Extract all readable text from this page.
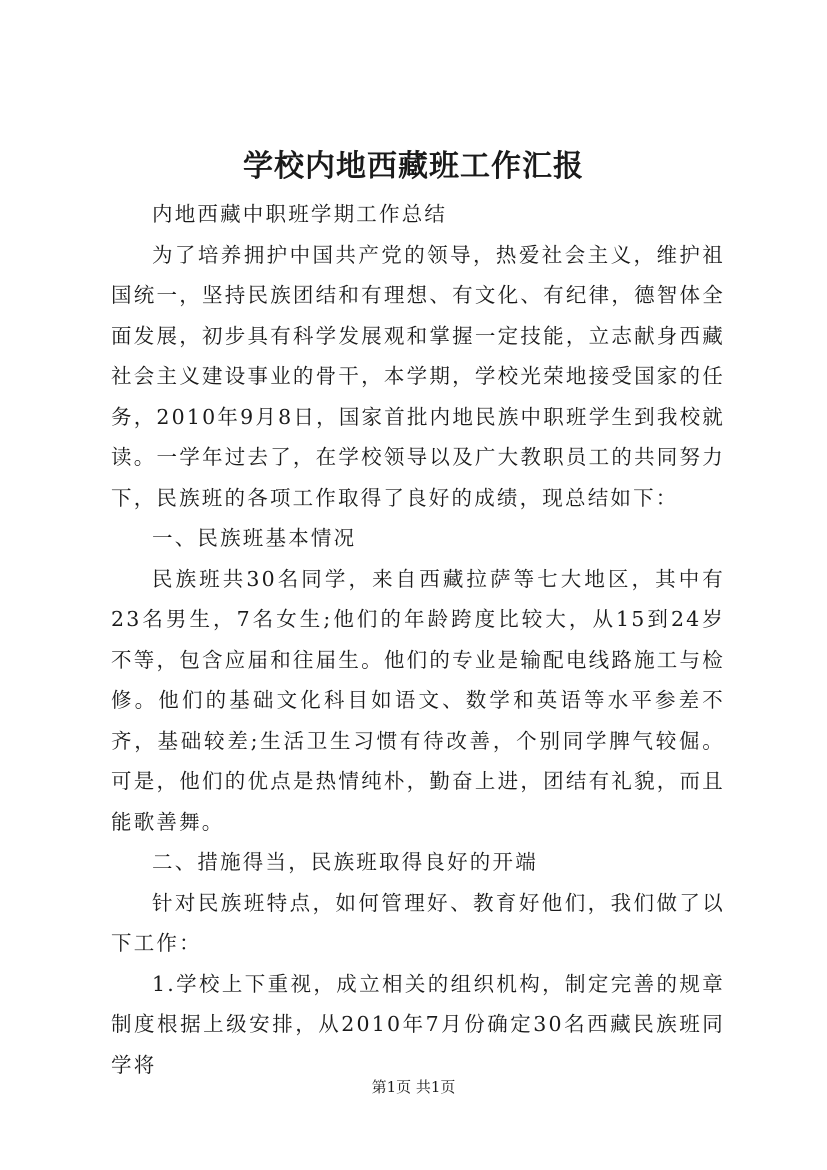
学校内地西藏班工作汇报

内地西藏中职班学期工作总结

为了培养拥护中国共产党的领导，热爱社会主义，维护祖国统一，坚持民族团结和有理想、有文化、有纪律，德智体全面发展，初步具有科学发展观和掌握一定技能，立志献身西藏社会主义建设事业的骨干，本学期，学校光荣地接受国家的任务，2010年9月8日，国家首批内地民族中职班学生到我校就读。一学年过去了，在学校领导以及广大教职员工的共同努力下，民族班的各项工作取得了良好的成绩，现总结如下：

一、民族班基本情况

民族班共30名同学，来自西藏拉萨等七大地区，其中有23名男生，7名女生;他们的年龄跨度比较大，从15到24岁不等，包含应届和往届生。他们的专业是输配电线路施工与检修。他们的基础文化科目如语文、数学和英语等水平参差不齐，基础较差;生活卫生习惯有待改善，个别同学脾气较倔。可是，他们的优点是热情纯朴，勤奋上进，团结有礼貌，而且能歌善舞。

二、措施得当，民族班取得良好的开端

针对民族班特点，如何管理好、教育好他们，我们做了以下工作：

1.学校上下重视，成立相关的组织机构，制定完善的规章制度根据上级安排，从2010年7月份确定30名西藏民族班同学将

第1页 共1页
